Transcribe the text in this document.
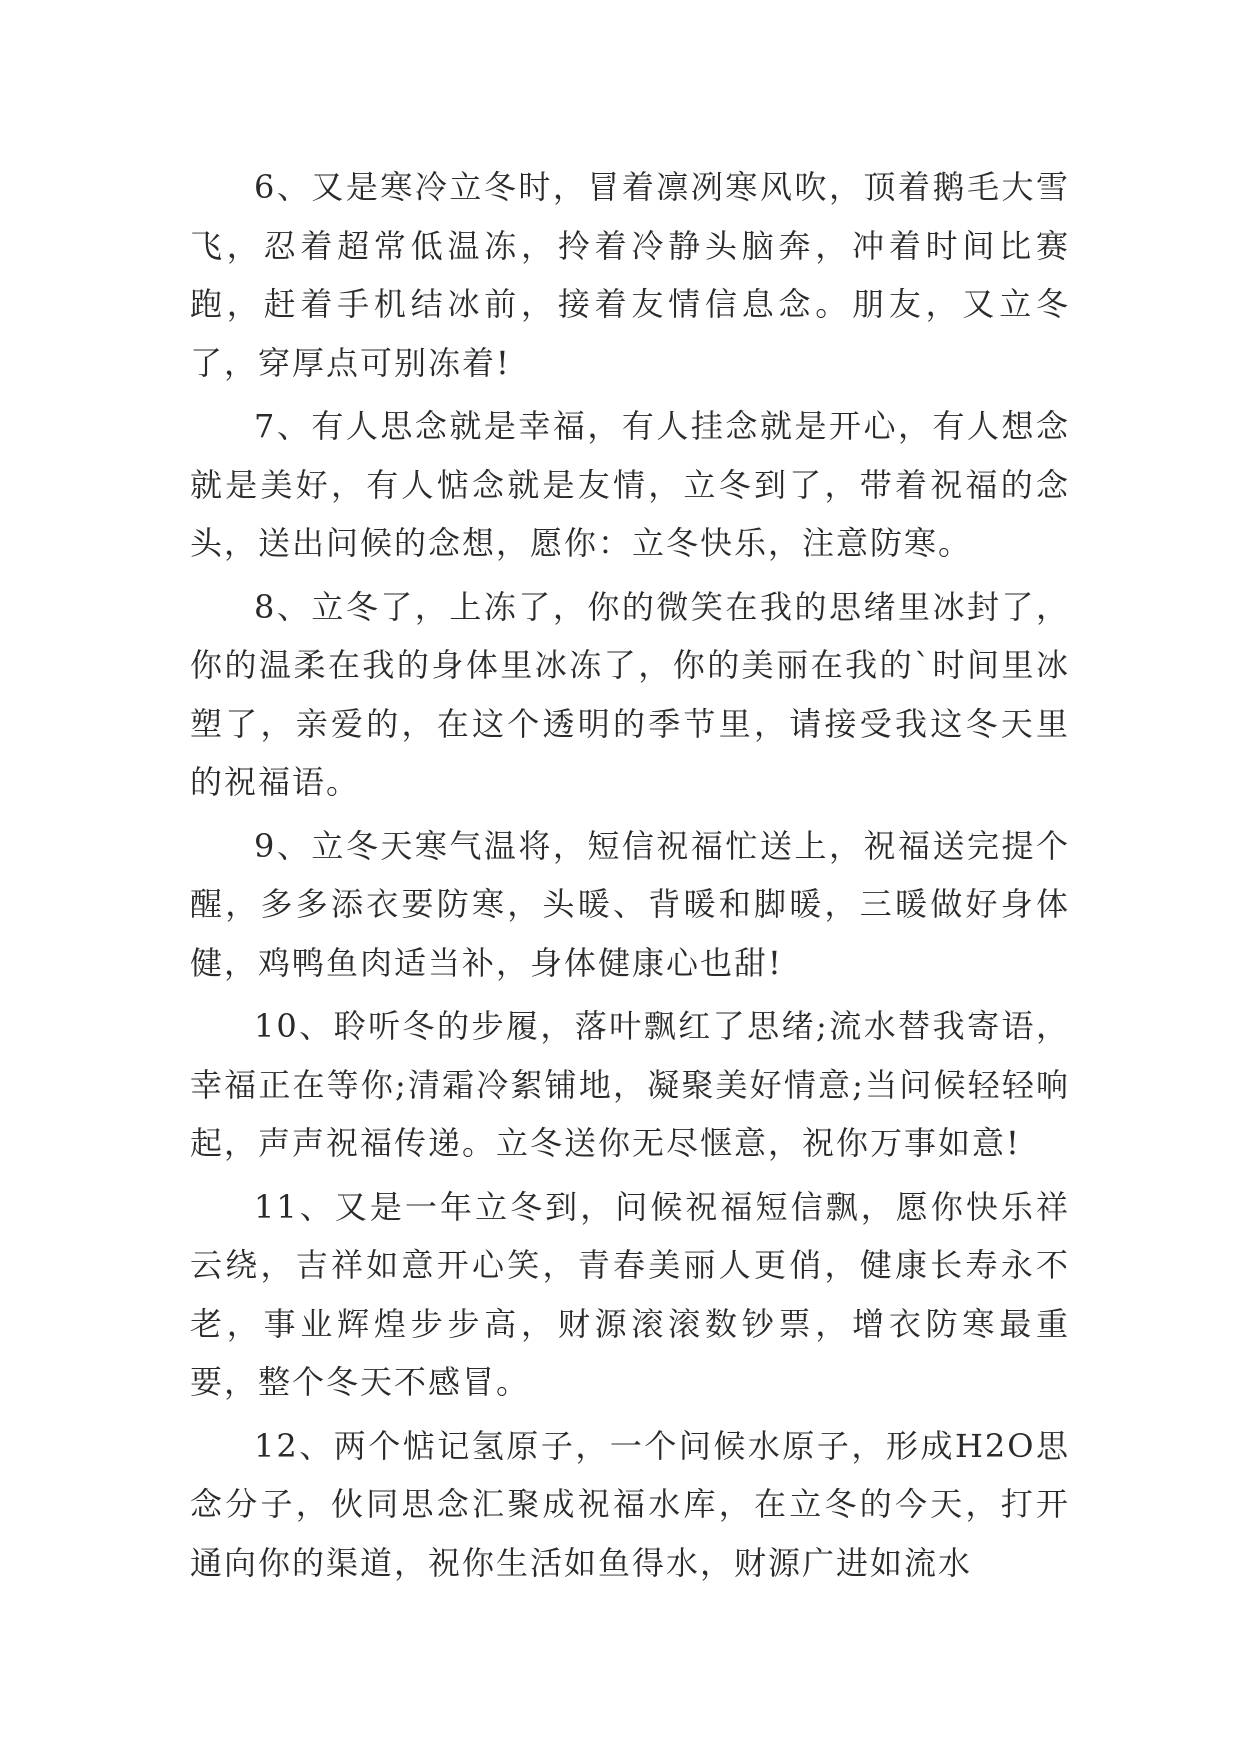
6、又是寒冷立冬时，冒着凛冽寒风吹，顶着鹅毛大雪飞，忍着超常低温冻，拎着冷静头脑奔，冲着时间比赛跑，赶着手机结冰前，接着友情信息念。朋友，又立冬了，穿厚点可别冻着!

7、有人思念就是幸福，有人挂念就是开心，有人想念就是美好，有人惦念就是友情，立冬到了，带着祝福的念头，送出问候的念想，愿你：立冬快乐，注意防寒。

8、立冬了，上冻了，你的微笑在我的思绪里冰封了，你的温柔在我的身体里冰冻了，你的美丽在我的`时间里冰塑了，亲爱的，在这个透明的季节里，请接受我这冬天里的祝福语。

9、立冬天寒气温将，短信祝福忙送上，祝福送完提个醒，多多添衣要防寒，头暖、背暖和脚暖，三暖做好身体健，鸡鸭鱼肉适当补，身体健康心也甜!

10、聆听冬的步履，落叶飘红了思绪;流水替我寄语，幸福正在等你;清霜冷絮铺地，凝聚美好情意;当问候轻轻响起，声声祝福传递。立冬送你无尽惬意，祝你万事如意!

11、又是一年立冬到，问候祝福短信飘，愿你快乐祥云绕，吉祥如意开心笑，青春美丽人更俏，健康长寿永不老，事业辉煌步步高，财源滚滚数钞票，增衣防寒最重要，整个冬天不感冒。

12、两个惦记氢原子，一个问候水原子，形成H2O思念分子，伙同思念汇聚成祝福水库，在立冬的今天，打开通向你的渠道，祝你生活如鱼得水，财源广进如流水
